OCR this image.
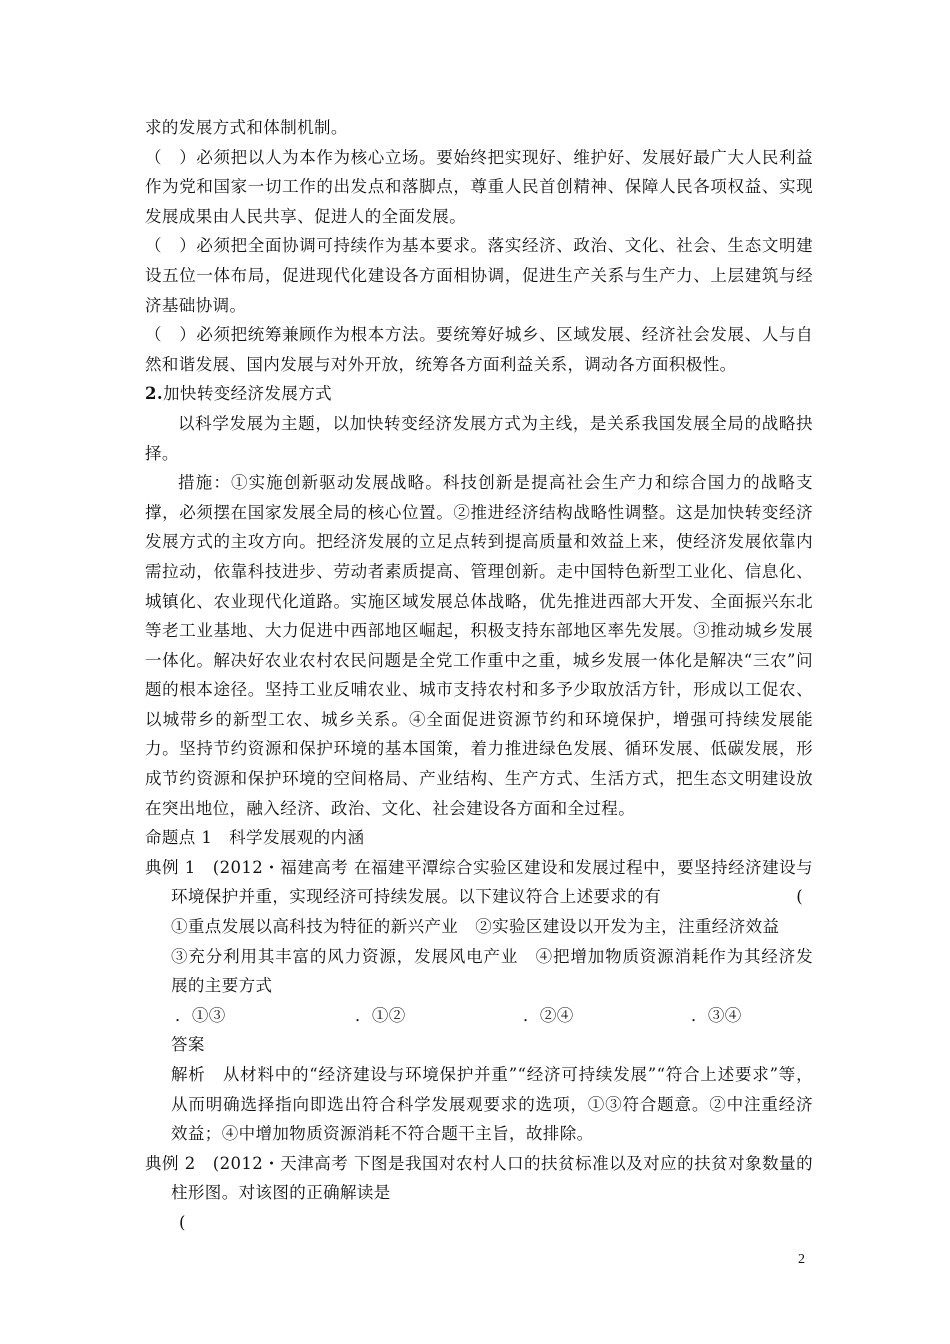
求的发展方式和体制机制。

（　）必须把以人为本作为核心立场。要始终把实现好、维护好、发展好最广大人民利益作为党和国家一切工作的出发点和落脚点，尊重人民首创精神、保障人民各项权益、实现发展成果由人民共享、促进人的全面发展。

（　）必须把全面协调可持续作为基本要求。落实经济、政治、文化、社会、生态文明建设五位一体布局，促进现代化建设各方面相协调，促进生产关系与生产力、上层建筑与经济基础协调。

（　）必须把统筹兼顾作为根本方法。要统筹好城乡、区域发展、经济社会发展、人与自然和谐发展、国内发展与对外开放，统筹各方面利益关系，调动各方面积极性。

2.加快转变经济发展方式

以科学发展为主题，以加快转变经济发展方式为主线，是关系我国发展全局的战略抉择。

措施：①实施创新驱动发展战略。科技创新是提高社会生产力和综合国力的战略支撑，必须摆在国家发展全局的核心位置。②推进经济结构战略性调整。这是加快转变经济发展方式的主攻方向。把经济发展的立足点转到提高质量和效益上来，使经济发展依靠内需拉动，依靠科技进步、劳动者素质提高、管理创新。走中国特色新型工业化、信息化、城镇化、农业现代化道路。实施区域发展总体战略，优先推进西部大开发、全面振兴东北等老工业基地、大力促进中西部地区崛起，积极支持东部地区率先发展。③推动城乡发展一体化。解决好农业农村农民问题是全党工作重中之重，城乡发展一体化是解决“三农”问题的根本途径。坚持工业反哺农业、城市支持农村和多予少取放活方针，形成以工促农、以城带乡的新型工农、城乡关系。④全面促进资源节约和环境保护，增强可持续发展能力。坚持节约资源和保护环境的基本国策，着力推进绿色发展、循环发展、低碳发展，形成节约资源和保护环境的空间格局、产业结构、生产方式、生活方式，把生态文明建设放在突出地位，融入经济、政治、文化、社会建设各方面和全过程。

命题点 1　科学发展观的内涵

典例 1　(2012・福建高考 在福建平潭综合实验区建设和发展过程中，要坚持经济建设与环境保护并重，实现经济可持续发展。以下建议符合上述要求的有　　　　　　　　(

①重点发展以高科技为特征的新兴产业　②实验区建设以开发为主，注重经济效益

③充分利用其丰富的风力资源，发展风电产业　④把增加物质资源消耗作为其经济发展的主要方式

．①③	．①②	．②④	．③④

答案

解析　从材料中的“经济建设与环境保护并重”“经济可持续发展”“符合上述要求”等，从而明确选择指向即选出符合科学发展观要求的选项，①③符合题意。②中注重经济效益；④中增加物质资源消耗不符合题干主旨，故排除。

典例 2　(2012・天津高考 下图是我国对农村人口的扶贫标准以及对应的扶贫对象数量的柱形图。对该图的正确解读是

(

2
